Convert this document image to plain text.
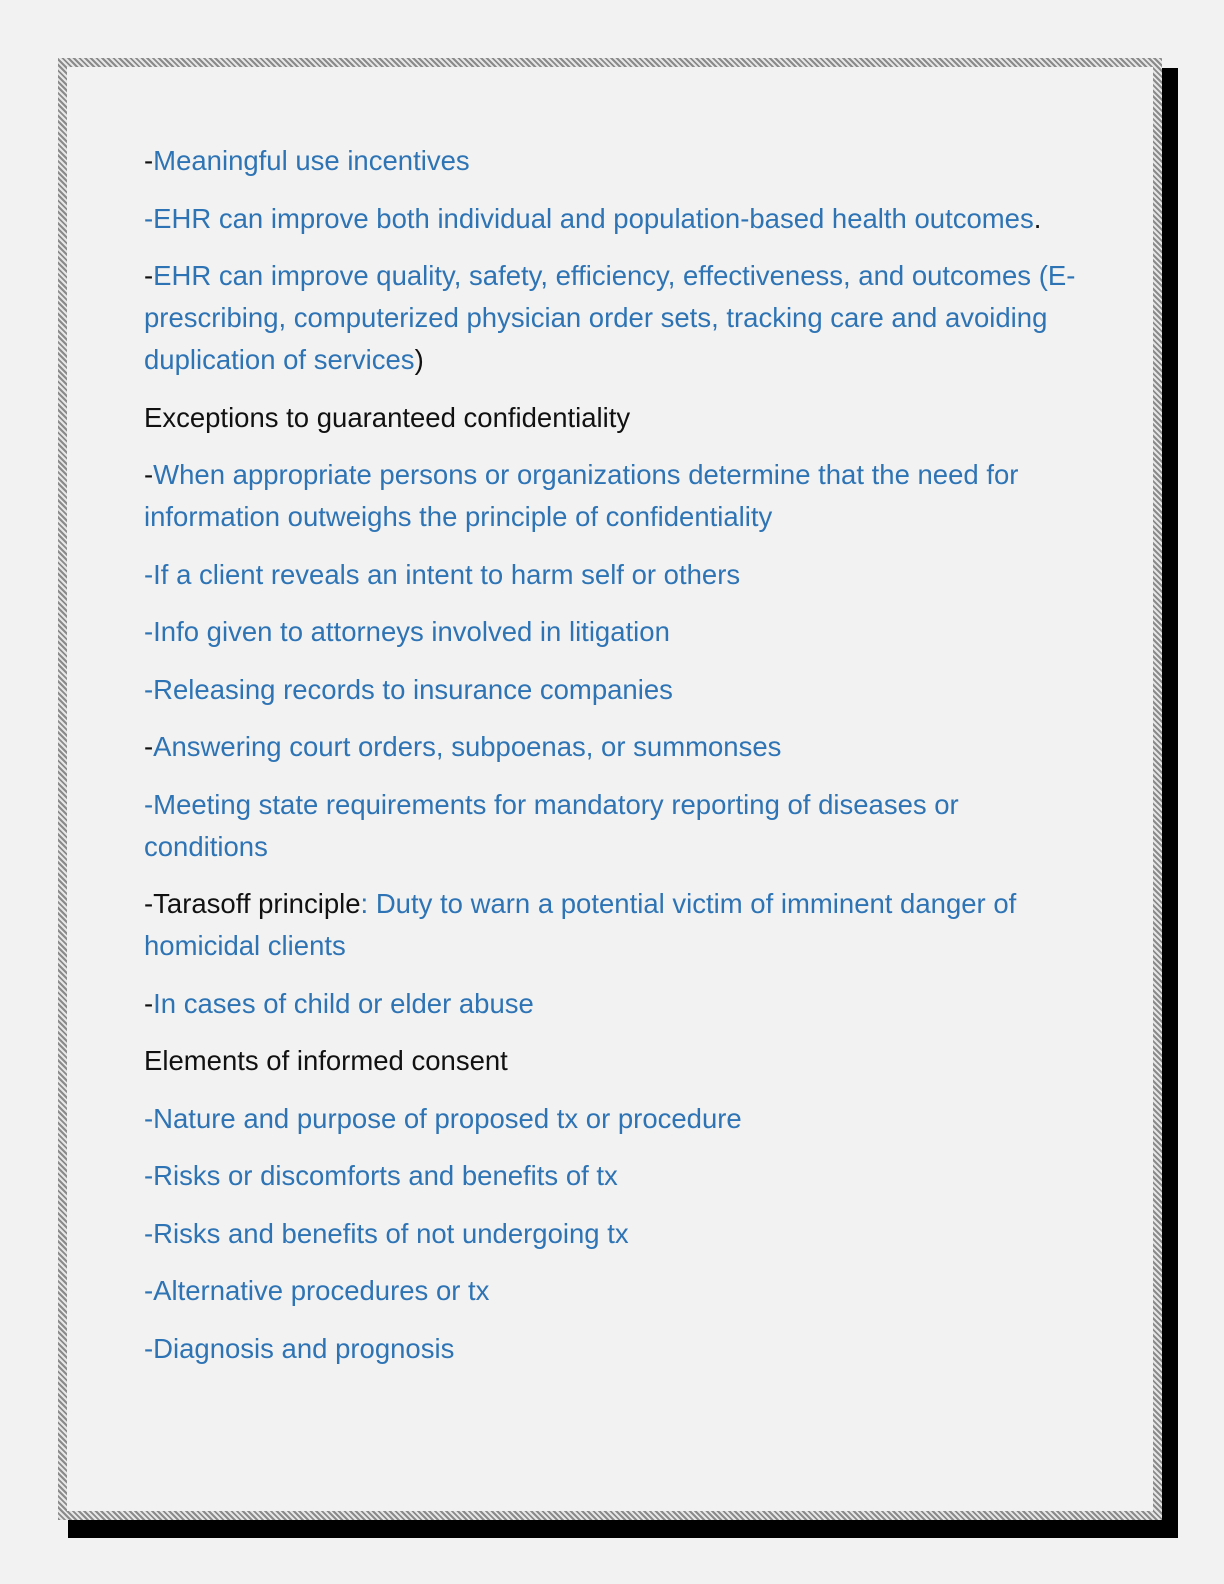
-Meaningful use incentives

-EHR can improve both individual and population-based health outcomes.

-EHR can improve quality, safety, efficiency, effectiveness, and outcomes (E-prescribing, computerized physician order sets, tracking care and avoiding duplication of services)

Exceptions to guaranteed confidentiality

-When appropriate persons or organizations determine that the need for information outweighs the principle of confidentiality

-If a client reveals an intent to harm self or others

-Info given to attorneys involved in litigation

-Releasing records to insurance companies

-Answering court orders, subpoenas, or summonses

-Meeting state requirements for mandatory reporting of diseases or conditions

-Tarasoff principle: Duty to warn a potential victim of imminent danger of homicidal clients

-In cases of child or elder abuse

Elements of informed consent

-Nature and purpose of proposed tx or procedure

-Risks or discomforts and benefits of tx

-Risks and benefits of not undergoing tx

-Alternative procedures or tx

-Diagnosis and prognosis
